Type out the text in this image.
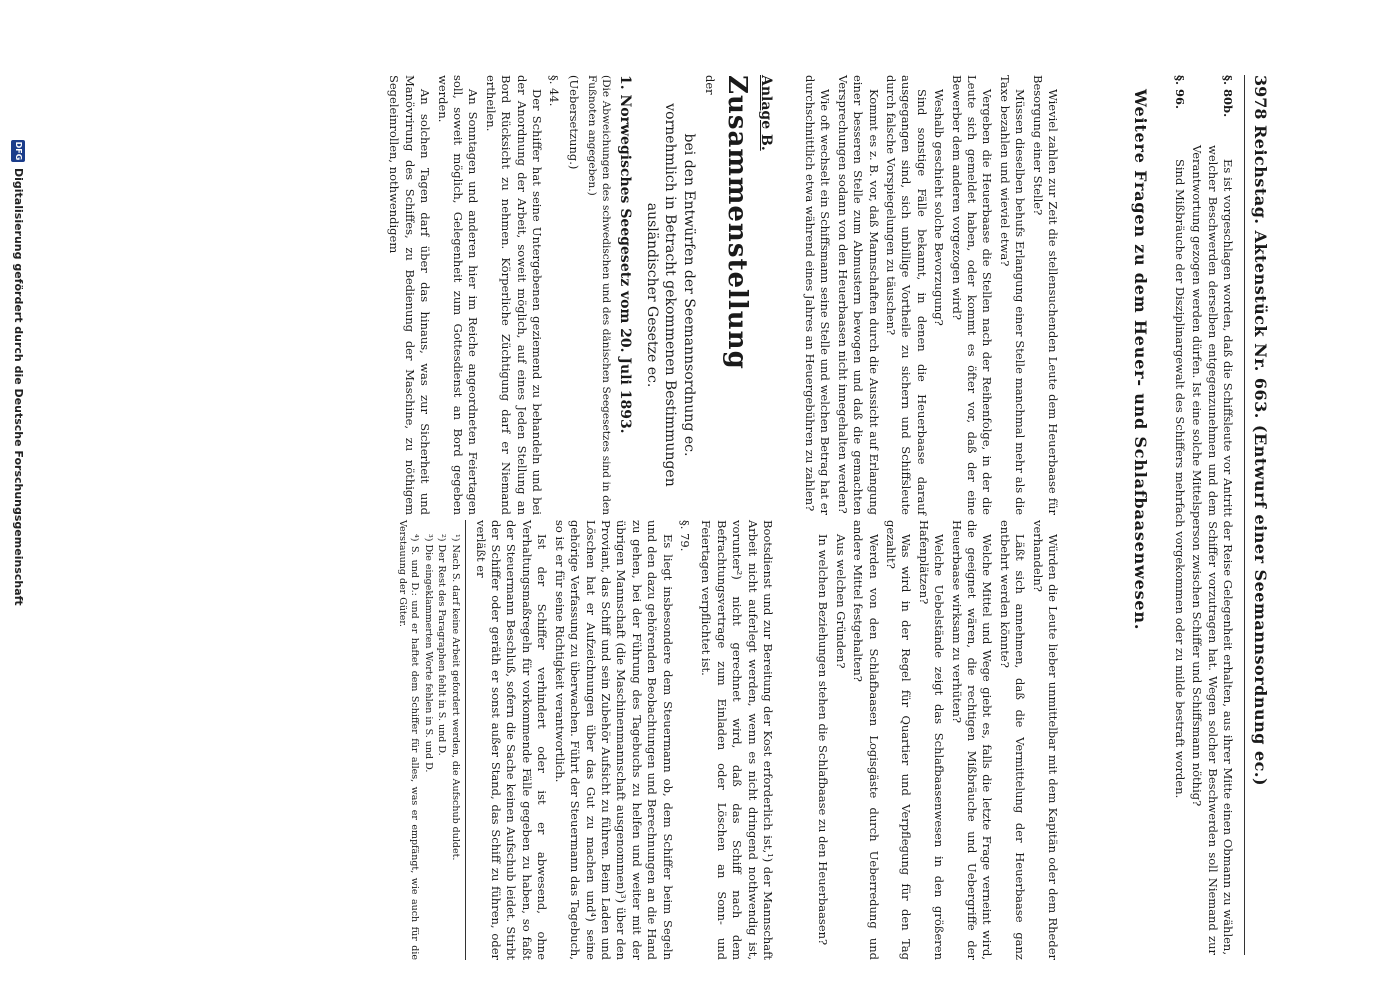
3978
Reichstag. Aktenstück Nr. 663. (Entwurf einer Seemannsordnung ec.)
§. 80b.

Es ist vorgeschlagen worden, daß die Schiffsleute vor Antritt der Reise Gelegenheit erhalten, aus ihrer Mitte einen Obmann zu wählen, welcher Beschwerden derselben entgegenzunehmen und dem Schiffer vorzutragen hat. Wegen solcher Beschwerden soll Niemand zur Verantwortung gezogen werden dürfen. Ist eine solche Mittelsperson zwischen Schiffer und Schiffsmann nöthig?

§. 96.

Sind Mißbräuche der Disziplinargewalt des Schiffers mehrfach vorgekommen oder zu milde bestraft worden.

Weitere Fragen zu dem Heuer- und Schlafbaasenwesen.

Wieviel zahlen zur Zeit die stellensuchenden Leute dem Heuerbaase für Besorgung einer Stelle?

Müssen dieselben behufs Erlangung einer Stelle manchmal mehr als die Taxe bezahlen und wieviel etwa?

Vergeben die Heuerbaase die Stellen nach der Reihenfolge, in der die Leute sich gemeldet haben, oder kommt es öfter vor, daß der eine Bewerber dem anderen vorgezogen wird?

Weshalb geschieht solche Bevorzugung?

Sind sonstige Fälle bekannt, in denen die Heuerbaase darauf ausgegangen sind, sich unbillige Vortheile zu sichern und Schiffsleute durch falsche Vorspiegelungen zu täuschen?

Kommt es z. B. vor, daß Mannschaften durch die Aussicht auf Erlangung einer besseren Stelle zum Abmustern bewogen und daß die gemachten Versprechungen sodann von den Heuerbaasen nicht innegehalten werden?

Wie oft wechselt ein Schiffsmann seine Stelle und welchen Betrag hat er durchschnittlich etwa während eines Jahres an Heuergebühren zu zahlen?

Würden die Leute lieber unmittelbar mit dem Kapitän oder dem Rheder verhandeln?

Läßt sich annehmen, daß die Vermittelung der Heuerbaase ganz entbehrt werden könnte?

Welche Mittel und Wege giebt es, falls die letzte Frage verneint wird, die geeignet wären, die rechtigen Mißbräuche und Uebergriffe der Heuerbaase wirksam zu verhüten?

Welche Uebelstände zeigt das Schlafbaasenwesen in den größeren Hafenplätzen?

Was wird in der Regel für Quartier und Verpflegung für den Tag gezahlt?

Werden von den Schlafbaasen Logisgäste durch Ueberredung und andere Mittel festgehalten?

Aus welchen Gründen?

In welchen Beziehungen stehen die Schlafbaase zu den Heuerbaasen?

Anlage B.

Zusammenstellung

der

bei den Entwürfen der Seemannsordnung ec. vornehmlich in Betracht gekommenen Bestimmungen ausländischer Gesetze ec.

1. Norwegisches Seegesetz vom 20. Juli 1893.

(Die Abweichungen des schwedischen und des dänischen Seegesetzes sind in den Fußnoten angegeben.)

(Uebersetzung.)

§. 44.

Der Schiffer hat seine Untergebenen geziemend zu behandeln und bei der Anordnung der Arbeit, soweit möglich, auf eines Jeden Stellung an Bord Rücksicht zu nehmen. Körperliche Züchtigung darf er Niemand ertheilen.

An Sonntagen und anderen hier im Reiche angeordneten Feiertagen soll, soweit möglich, Gelegenheit zum Gottesdienst an Bord gegeben werden.

An solchen Tagen darf über das hinaus, was zur Sicherheit und Manövrirung des Schiffes, zu Bedienung der Maschine, zu nöthigem Segeleinrollen, nothwendigem

Bootsdienst und zur Bereitung der Kost erforderlich ist,¹) der Mannschaft Arbeit nicht auferlegt werden, wenn es nicht dringend nothwendig ist, vorunter²) nicht gerechnet wird, daß das Schiff nach dem Befrachtungsvertrage zum Einladen oder Löschen an Sonn- und Feiertagen verpflichtet ist.

§. 79.

Es liegt insbesondere dem Steuermann ob, dem Schiffer beim Segeln und den dazu gehörenden Beobachtungen und Berechnungen an die Hand zu gehen, bei der Führung des Tagebuchs zu helfen und weiter mit der übrigen Mannschaft (die Maschinenmannschaft ausgenommen)³) über den Proviant, das Schiff und sein Zubehör Aufsicht zu führen. Beim Laden und Löschen hat er Aufzeichnungen über das Gut zu machen und⁴) seine gehörige Verfassung zu überwachen. Führt der Steuermann das Tagebuch, so ist er für seine Richtigkeit verantwortlich.

Ist der Schiffer verhindert oder ist er abwesend, ohne Verhaltungsmaßregeln für vorkommende Fälle gegeben zu haben, so faßt der Steuermann Beschluß, sofern die Sache keinen Aufschub leidet. Stirbt der Schiffer oder geräth er sonst außer Stand, das Schiff zu führen, oder verläßt er

¹) Nach S. darf keine Arbeit gefordert werden, die Aufschub duldet.

²) Der Rest des Paragraphen fehlt in S. und D.

³) Die eingeklammerten Worte fehlen in S. und D.

⁴) S. und D.: und er haftet dem Schiffer für alles, was er empfängt, wie auch für die Verstauung der Güter.

DFG
Digitalisierung gefördert durch die Deutsche Forschungsgemeinschaft
